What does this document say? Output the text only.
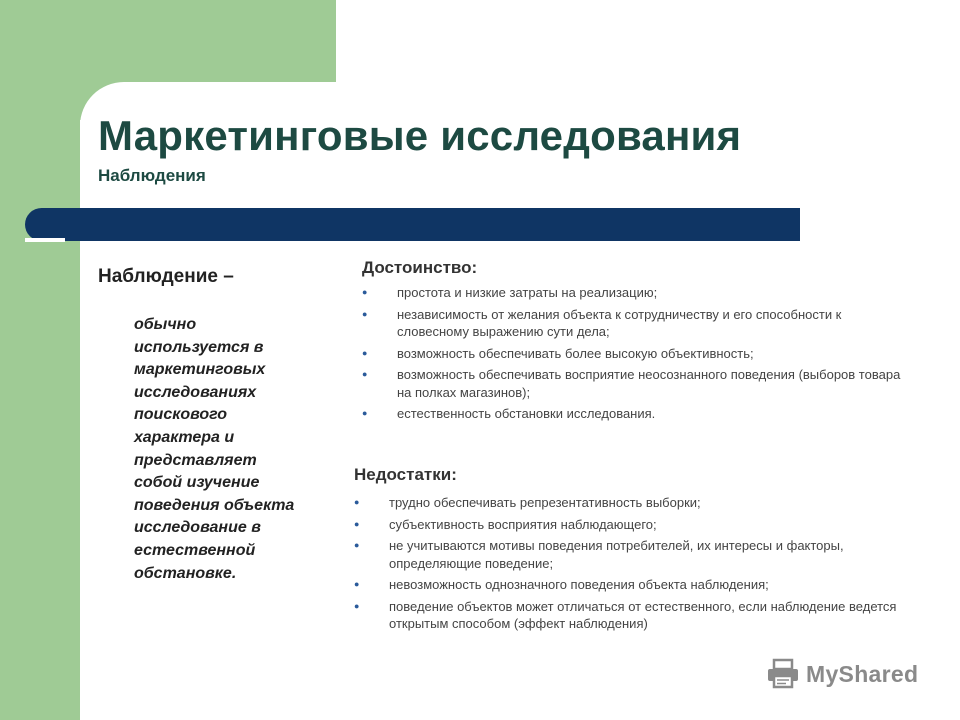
Маркетинговые исследования
Наблюдения
Наблюдение –

обычно
используется в
маркетинговых
исследованиях
поискового
характера и
представляет
собой изучение
поведения объекта
исследование в
естественной
обстановке.

Достоинство:
● простота и низкие затраты на реализацию;
● независимость от желания объекта к сотрудничеству и его способности к словесному выражению сути дела;
● возможность обеспечивать более высокую объективность;
● возможность обеспечивать восприятие неосознанного поведения (выборов товара на полках магазинов);
● естественность обстановки исследования.
Недостатки:
● трудно обеспечивать репрезентативность выборки;
● субъективность восприятия наблюдающего;
● не учитываются мотивы поведения потребителей, их интересы и факторы, определяющие поведение;
● невозможность однозначного поведения объекта наблюдения;
● поведение объектов может отличаться от естественного, если наблюдение ведется открытым способом (эффект наблюдения)
MyShared
